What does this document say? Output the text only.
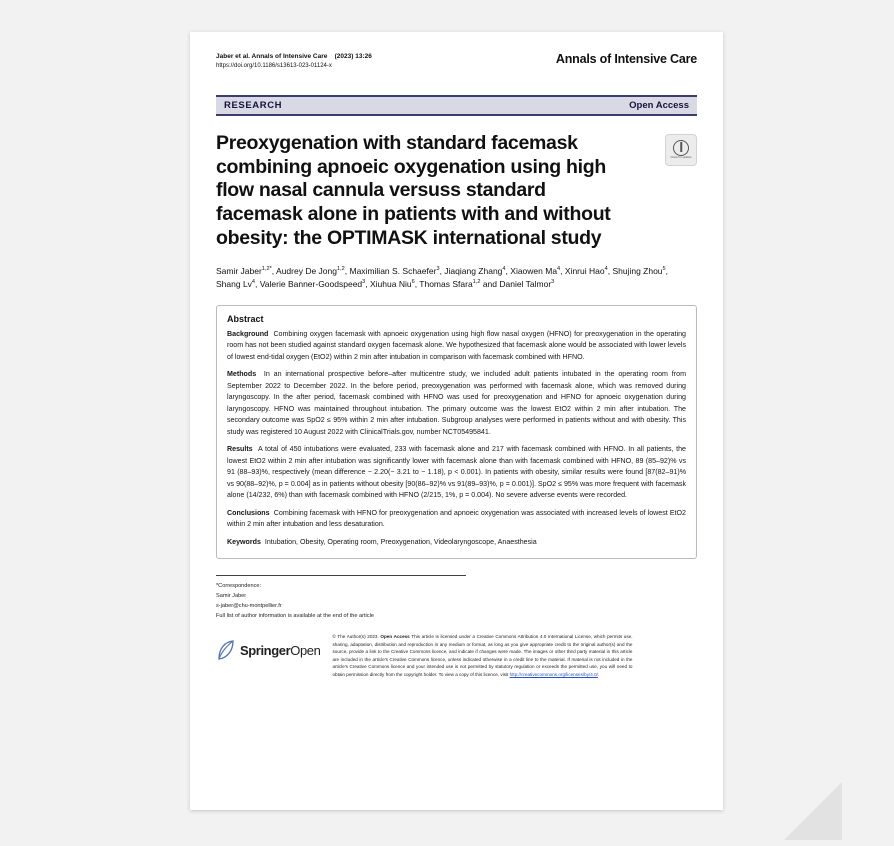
Jaber et al. Annals of Intensive Care (2023) 13:26
https://doi.org/10.1186/s13613-023-01124-x	Annals of Intensive Care
RESEARCH	Open Access
Preoxygenation with standard facemask combining apnoeic oxygenation using high flow nasal cannula versuss standard facemask alone in patients with and without obesity: the OPTIMASK international study
Check for updates
Samir Jaber$^{1,2*}$, Audrey De Jong$^{1,2}$, Maximilian S. Schaefer$^3$, Jiaqiang Zhang$^4$, Xiaowen Ma$^4$, Xinrui Hao$^4$, Shujing Zhou$^5$, Shang Lv$^4$, Valerie Banner-Goodspeed$^3$, Xiuhua Niu$^6$, Thomas Sfara$^{1,2}$ and Daniel Talmor$^3$
Abstract

Background Combining oxygen facemask with apnoeic oxygenation using high flow nasal oxygen (HFNO) for preoxygenation in the operating room has not been studied against standard oxygen facemask alone. We hypothesized that facemask alone would be associated with lower levels of lowest end-tidal oxygen (EtO2) within 2 min after intubation in comparison with facemask combined with HFNO.

Methods In an international prospective before–after multicentre study, we included adult patients intubated in the operating room from September 2022 to December 2022. In the before period, preoxygenation was performed with facemask alone, which was removed during laryngoscopy. In the after period, facemask combined with HFNO was used for preoxygenation and HFNO for apnoeic oxygenation during laryngoscopy. HFNO was maintained throughout intubation. The primary outcome was the lowest EtO2 within 2 min after intubation. The secondary outcome was SpO2 ≤ 95% within 2 min after intubation. Subgroup analyses were performed in patients without and with obesity. This study was registered 10 August 2022 with ClinicalTrials.gov, number NCT05495841.

Results A total of 450 intubations were evaluated, 233 with facemask alone and 217 with facemask combined with HFNO. In all patients, the lowest EtO2 within 2 min after intubation was significantly lower with facemask alone than with facemask combined with HFNO, 89 (85–92)% vs 91 (88–93)%, respectively (mean difference − 2.20(− 3.21 to − 1.18), p < 0.001). In patients with obesity, similar results were found [87(82–91)% vs 90(88–92)%, p = 0.004] as in patients without obesity [90(86–92)% vs 91(89–93)%, p = 0.001)]. SpO2 ≤ 95% was more frequent with facemask alone (14/232, 6%) than with facemask combined with HFNO (2/215, 1%, p = 0.004). No severe adverse events were recorded.

Conclusions Combining facemask with HFNO for preoxygenation and apnoeic oxygenation was associated with increased levels of lowest EtO2 within 2 min after intubation and less desaturation.

Keywords Intubation, Obesity, Operating room, Preoxygenation, Videolaryngoscope, Anaesthesia

*Correspondence:
Samir Jaber
s-jaber@chu-montpellier.fr
Full list of author information is available at the end of the article
SpringerOpen
© The Author(s) 2023. Open Access This article is licensed under a Creative Commons Attribution 4.0 International License, which permits use, sharing, adaptation, distribution and reproduction in any medium or format, as long as you give appropriate credit to the original author(s) and the source, provide a link to the Creative Commons licence, and indicate if changes were made. The images or other third party material in this article are included in the article's Creative Commons licence, unless indicated otherwise in a credit line to the material. If material is not included in the article's Creative Commons licence and your intended use is not permitted by statutory regulation or exceeds the permitted use, you will need to obtain permission directly from the copyright holder. To view a copy of this licence, visit http://creativecommons.org/licenses/by/4.0/.
